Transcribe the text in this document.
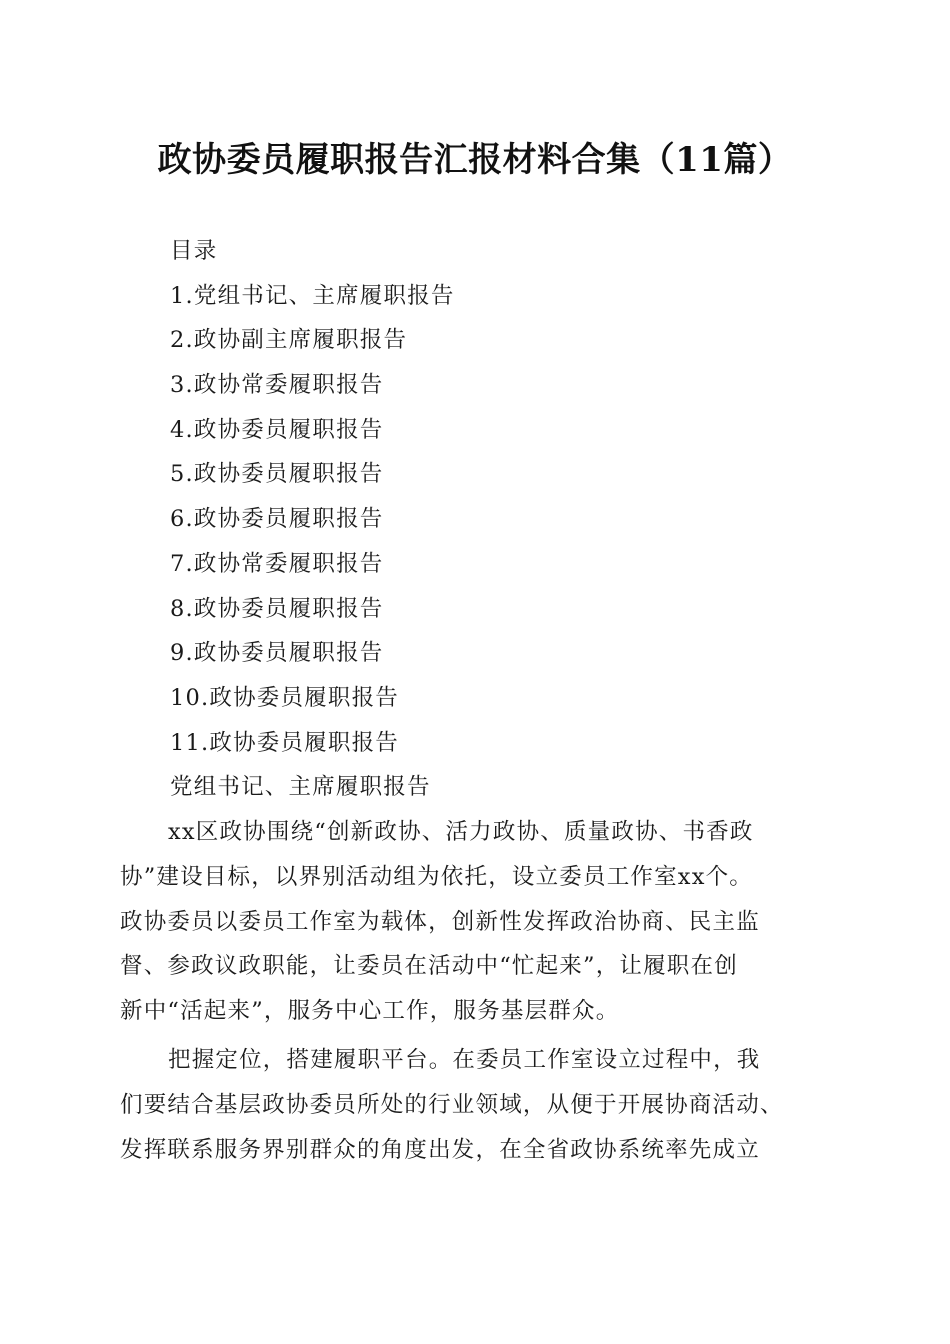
政协委员履职报告汇报材料合集（11篇）
目录
1.党组书记、主席履职报告
2.政协副主席履职报告
3.政协常委履职报告
4.政协委员履职报告
5.政协委员履职报告
6.政协委员履职报告
7.政协常委履职报告
8.政协委员履职报告
9.政协委员履职报告
10.政协委员履职报告
11.政协委员履职报告
党组书记、主席履职报告
xx区政协围绕“创新政协、活力政协、质量政协、书香政
协”建设目标，以界别活动组为依托，设立委员工作室xx个。
政协委员以委员工作室为载体，创新性发挥政治协商、民主监
督、参政议政职能，让委员在活动中“忙起来”，让履职在创
新中“活起来”，服务中心工作，服务基层群众。
把握定位，搭建履职平台。在委员工作室设立过程中，我
们要结合基层政协委员所处的行业领域，从便于开展协商活动、
发挥联系服务界别群众的角度出发，在全省政协系统率先成立
